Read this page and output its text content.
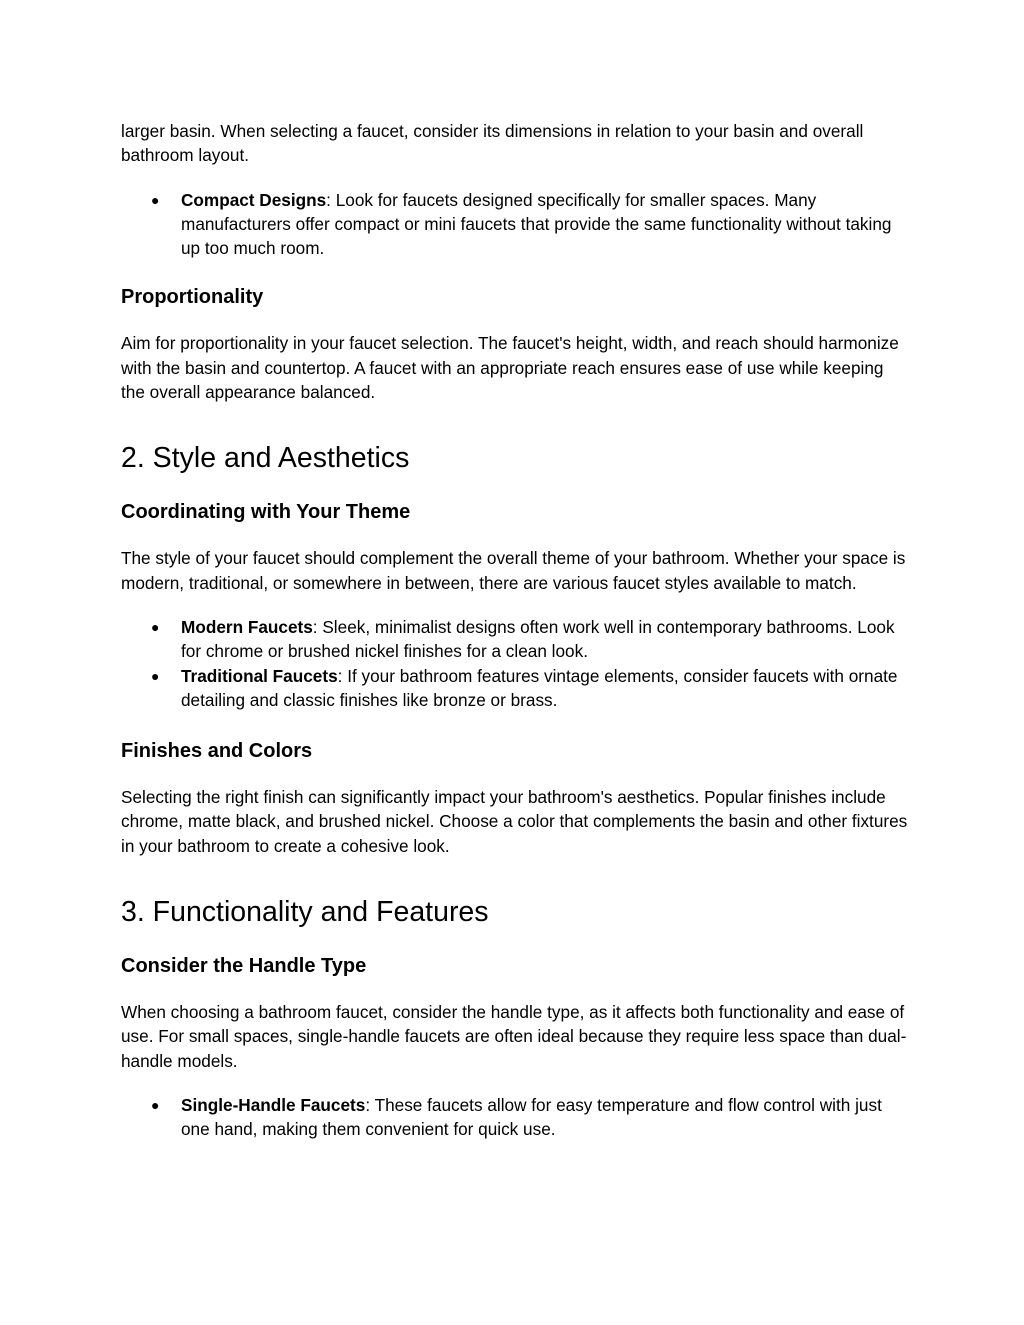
larger basin. When selecting a faucet, consider its dimensions in relation to your basin and overall bathroom layout.

● Compact Designs: Look for faucets designed specifically for smaller spaces. Many manufacturers offer compact or mini faucets that provide the same functionality without taking up too much room.
Proportionality

Aim for proportionality in your faucet selection. The faucet's height, width, and reach should harmonize with the basin and countertop. A faucet with an appropriate reach ensures ease of use while keeping the overall appearance balanced.

2. Style and Aesthetics
Coordinating with Your Theme

The style of your faucet should complement the overall theme of your bathroom. Whether your space is modern, traditional, or somewhere in between, there are various faucet styles available to match.

● Modern Faucets: Sleek, minimalist designs often work well in contemporary bathrooms. Look for chrome or brushed nickel finishes for a clean look.
● Traditional Faucets: If your bathroom features vintage elements, consider faucets with ornate detailing and classic finishes like bronze or brass.
Finishes and Colors

Selecting the right finish can significantly impact your bathroom's aesthetics. Popular finishes include chrome, matte black, and brushed nickel. Choose a color that complements the basin and other fixtures in your bathroom to create a cohesive look.

3. Functionality and Features
Consider the Handle Type

When choosing a bathroom faucet, consider the handle type, as it affects both functionality and ease of use. For small spaces, single-handle faucets are often ideal because they require less space than dual-handle models.

● Single-Handle Faucets: These faucets allow for easy temperature and flow control with just one hand, making them convenient for quick use.
